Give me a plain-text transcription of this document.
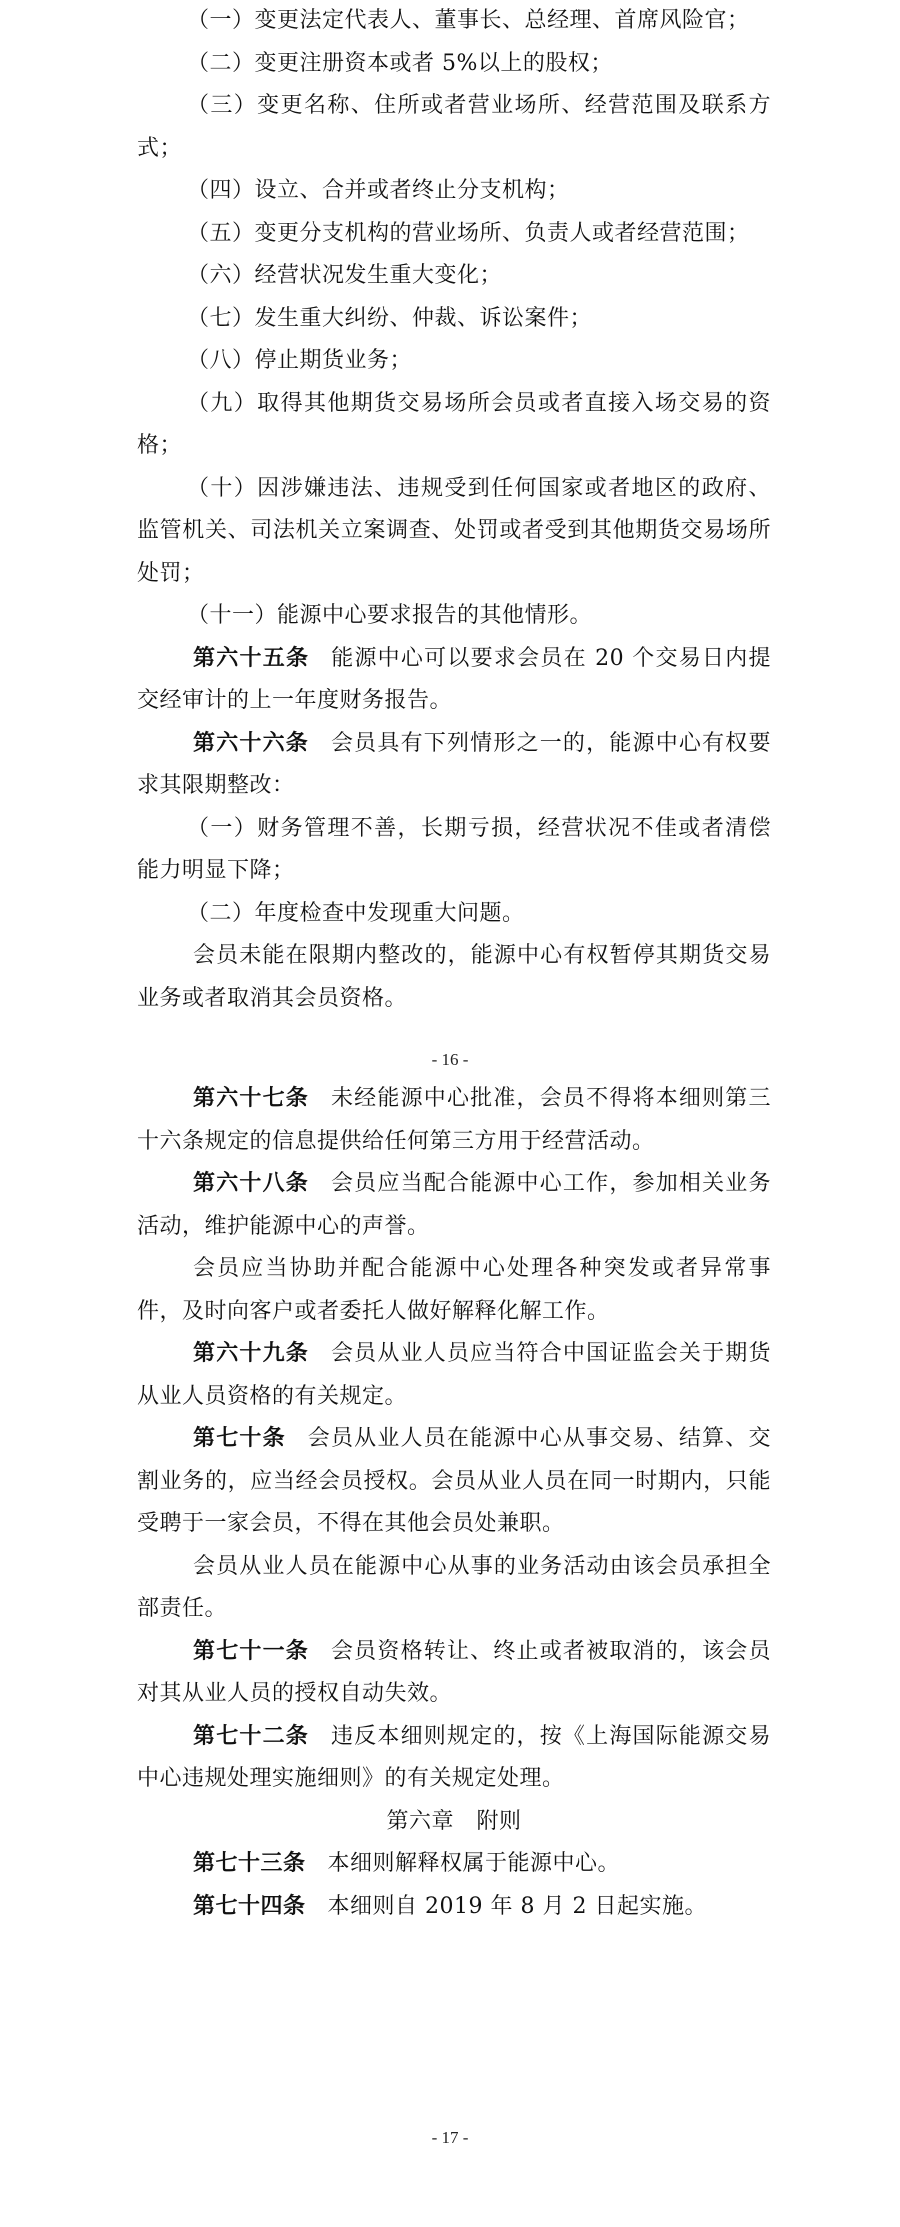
（一）变更法定代表人、董事长、总经理、首席风险官；

（二）变更注册资本或者 5%以上的股权；

（三）变更名称、住所或者营业场所、经营范围及联系方式；

（四）设立、合并或者终止分支机构；

（五）变更分支机构的营业场所、负责人或者经营范围；

（六）经营状况发生重大变化；

（七）发生重大纠纷、仲裁、诉讼案件；

（八）停止期货业务；

（九）取得其他期货交易场所会员或者直接入场交易的资格；

（十）因涉嫌违法、违规受到任何国家或者地区的政府、监管机关、司法机关立案调查、处罚或者受到其他期货交易场所处罚；

（十一）能源中心要求报告的其他情形。

第六十五条 能源中心可以要求会员在 20 个交易日内提交经审计的上一年度财务报告。

第六十六条 会员具有下列情形之一的，能源中心有权要求其限期整改：

（一）财务管理不善，长期亏损，经营状况不佳或者清偿能力明显下降；

（二）年度检查中发现重大问题。

会员未能在限期内整改的，能源中心有权暂停其期货交易业务或者取消其会员资格。

- 16 -

第六十七条 未经能源中心批准，会员不得将本细则第三十六条规定的信息提供给任何第三方用于经营活动。

第六十八条 会员应当配合能源中心工作，参加相关业务活动，维护能源中心的声誉。

会员应当协助并配合能源中心处理各种突发或者异常事件，及时向客户或者委托人做好解释化解工作。

第六十九条 会员从业人员应当符合中国证监会关于期货从业人员资格的有关规定。

第七十条 会员从业人员在能源中心从事交易、结算、交割业务的，应当经会员授权。会员从业人员在同一时期内，只能受聘于一家会员，不得在其他会员处兼职。

会员从业人员在能源中心从事的业务活动由该会员承担全部责任。

第七十一条 会员资格转让、终止或者被取消的，该会员对其从业人员的授权自动失效。

第七十二条 违反本细则规定的，按《上海国际能源交易中心违规处理实施细则》的有关规定处理。

第六章　附则

第七十三条 本细则解释权属于能源中心。

第七十四条 本细则自 2019 年 8 月 2 日起实施。

- 17 -
